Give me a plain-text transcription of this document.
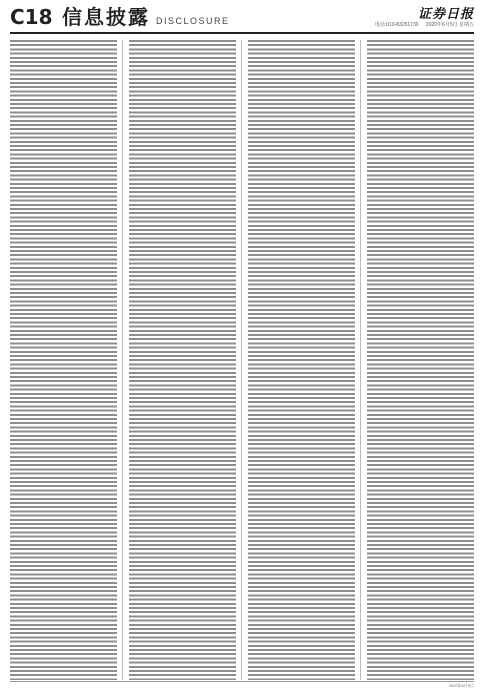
C18 信息披露 DISCLOSURE	证券日报
电话:010-83251730 2020年6月5日 星期五
2020年6月5日
